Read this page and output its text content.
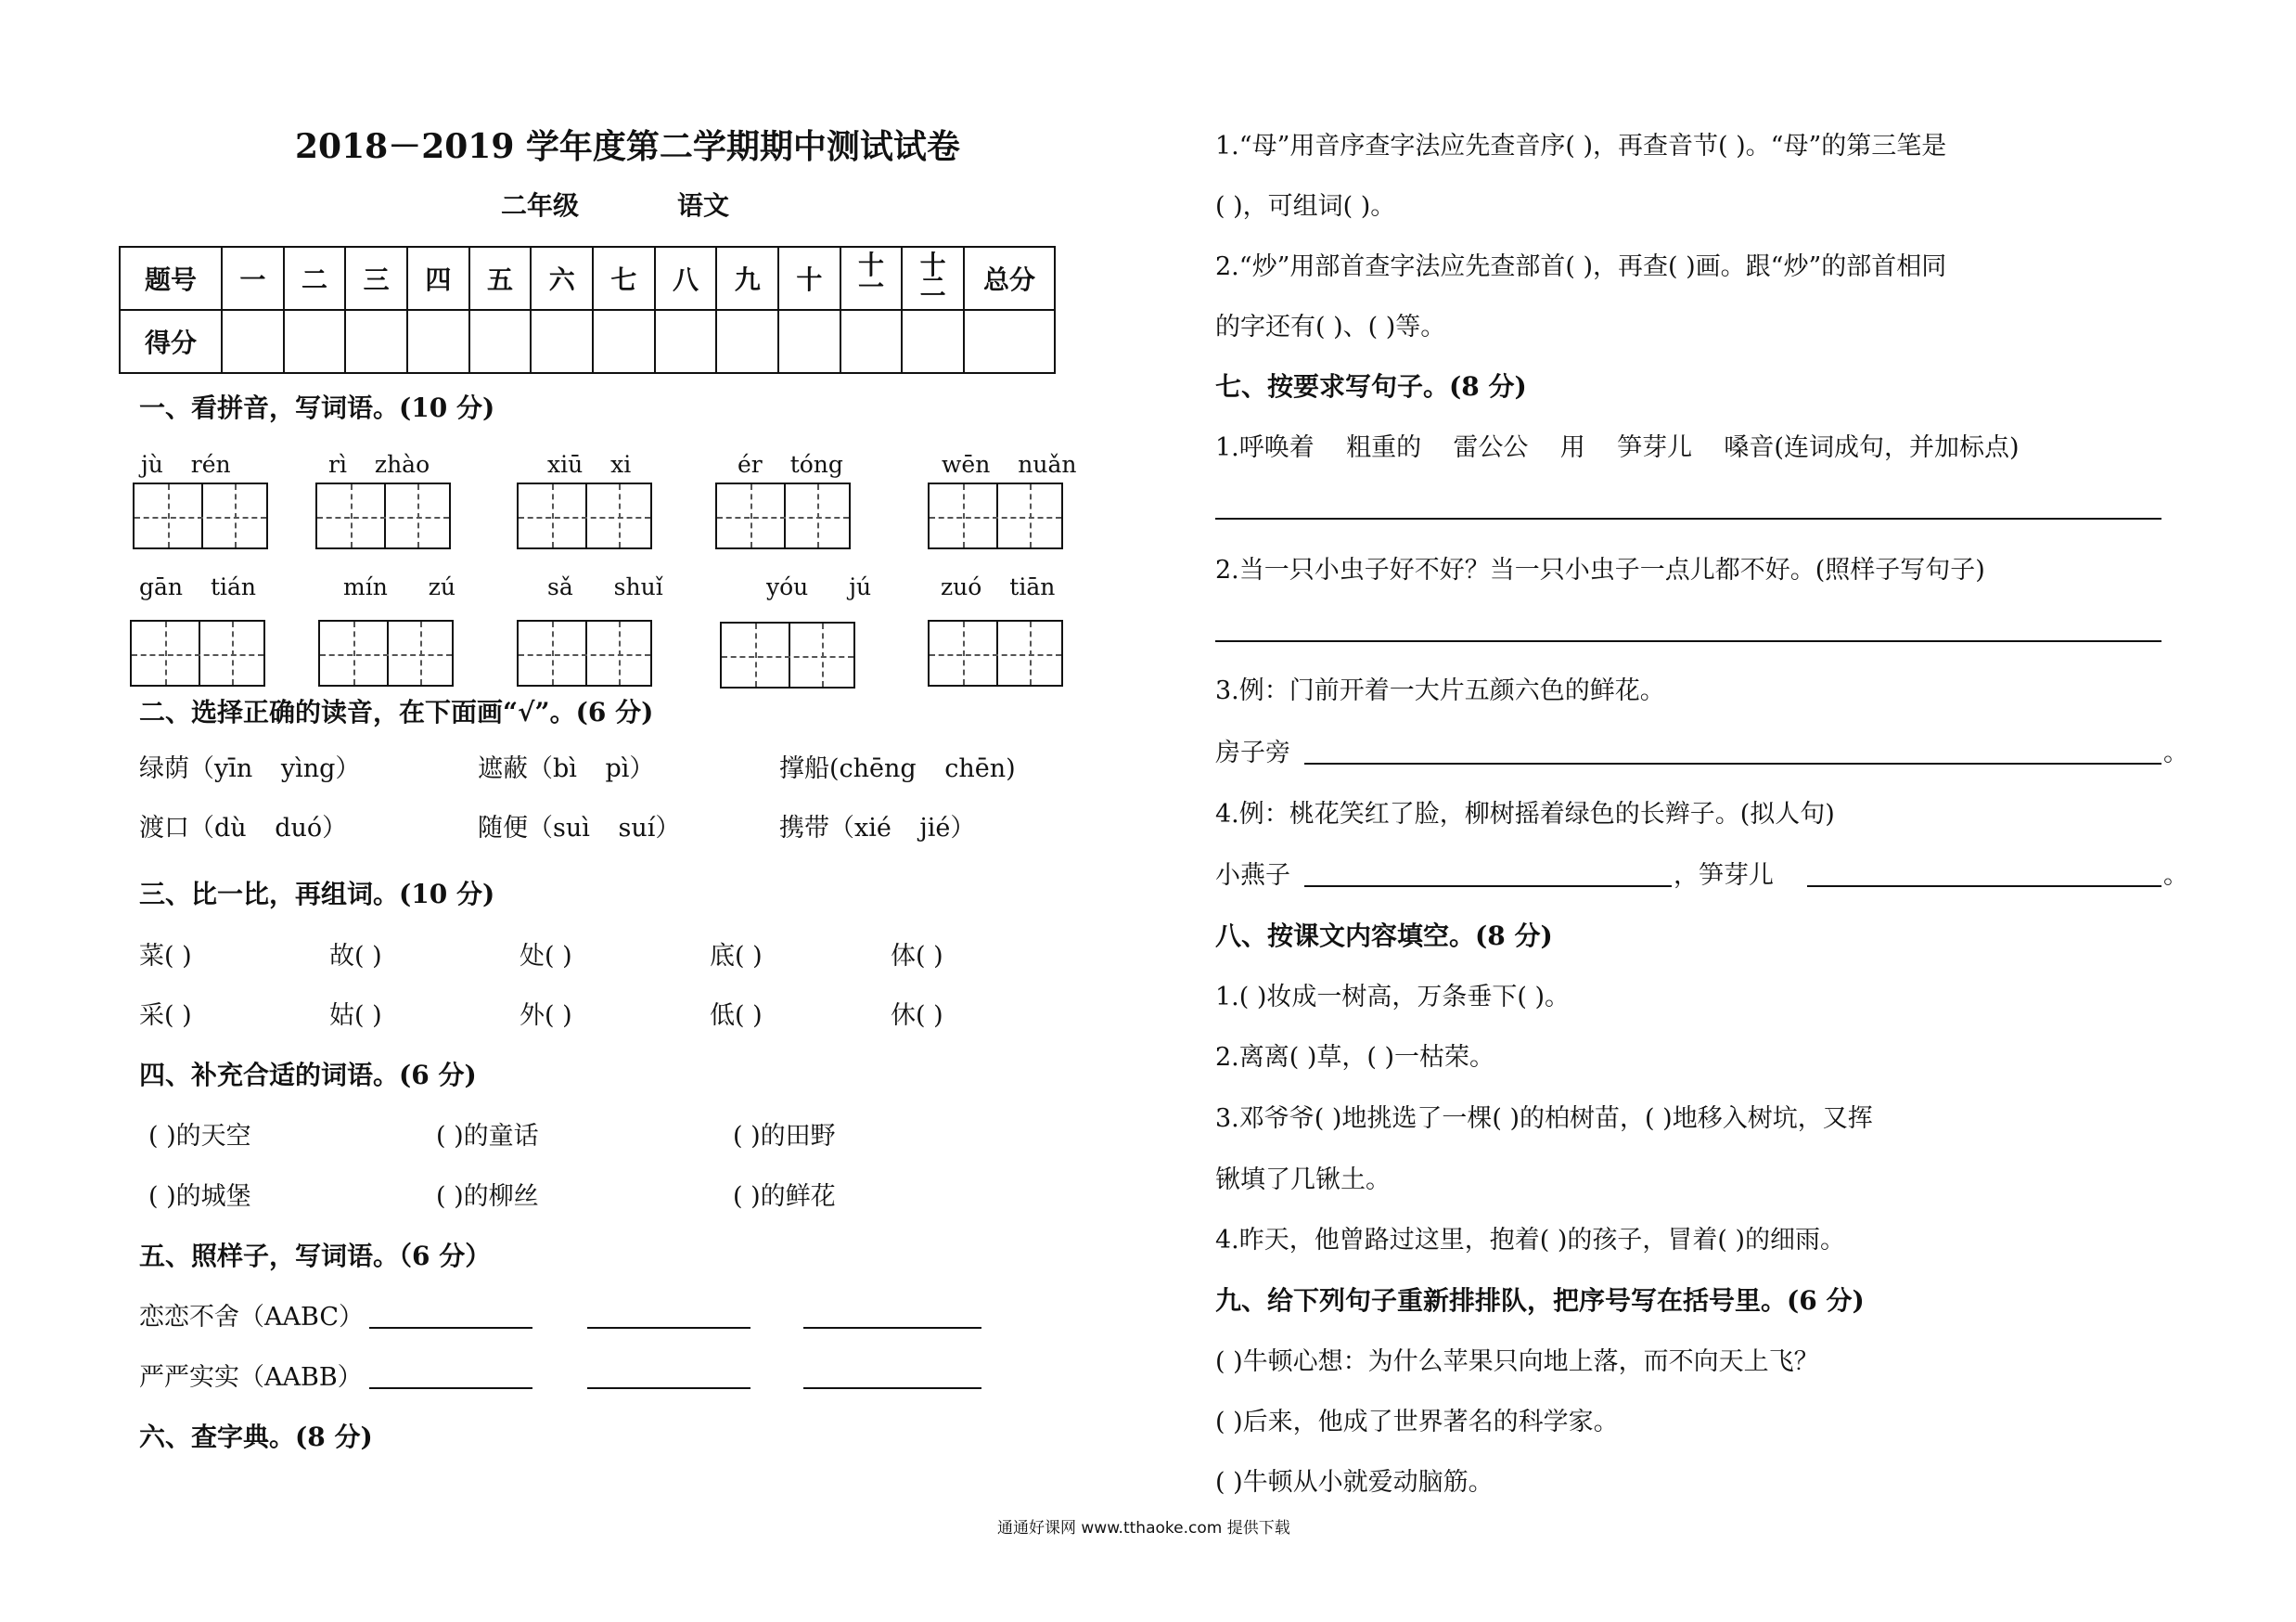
2018－2019 学年度第二学期期中测试试卷
二年级	语文
题号	一	二	三	四	五	六	七	八	九	十	十一	十二	总分
得分													
一、看拼音，写词语。(10 分)
jù rén	rì zhào	xiū xi	ér tóng	wēn nuǎn
gān tián	mín zú	sǎ shuǐ	yóu jú	zuó tiān
二、选择正确的读音，在下面画“√”。(6 分)
绿荫（yīn yìng）	遮蔽（bì pì）	撑船(chēng chēn)
渡口（dù duó）	随便（suì suí）	携带（xié jié）
三、比一比，再组词。(10 分)
菜( )	故( )	处( )	底( )	体( )
采( )	姑( )	外( )	低( )	休( )
四、补充合适的词语。(6 分)
( )的天空	( )的童话	( )的田野
( )的城堡	( )的柳丝	( )的鲜花
五、照样子，写词语。（6 分）
恋恋不舍（AABC）
严严实实（AABB）
六、查字典。(8 分)
1.“母”用音序查字法应先查音序( )，再查音节( )。“母”的第三笔是
( )，可组词( )。
2.“炒”用部首查字法应先查部首( )，再查( )画。跟“炒”的部首相同
的字还有( )、( )等。
七、按要求写句子。(8 分)
1.呼唤着    粗重的    雷公公    用    笋芽儿    嗓音(连词成句，并加标点)
2.当一只小虫子好不好？当一只小虫子一点儿都不好。(照样子写句子)
3.例：门前开着一大片五颜六色的鲜花。
房子旁	。
4.例：桃花笑红了脸，柳树摇着绿色的长辫子。(拟人句)
小燕子	，笋芽儿	。
八、按课文内容填空。(8 分)
1.( )妆成一树高，万条垂下( )。
2.离离( )草，( )一枯荣。
3.邓爷爷( )地挑选了一棵( )的柏树苗，( )地移入树坑，又挥
锹填了几锹土。
4.昨天，他曾路过这里，抱着( )的孩子，冒着( )的细雨。
九、给下列句子重新排排队，把序号写在括号里。(6 分)
( )牛顿心想：为什么苹果只向地上落，而不向天上飞？
( )后来，他成了世界著名的科学家。
( )牛顿从小就爱动脑筋。
通通好课网 www.tthaoke.com 提供下载
